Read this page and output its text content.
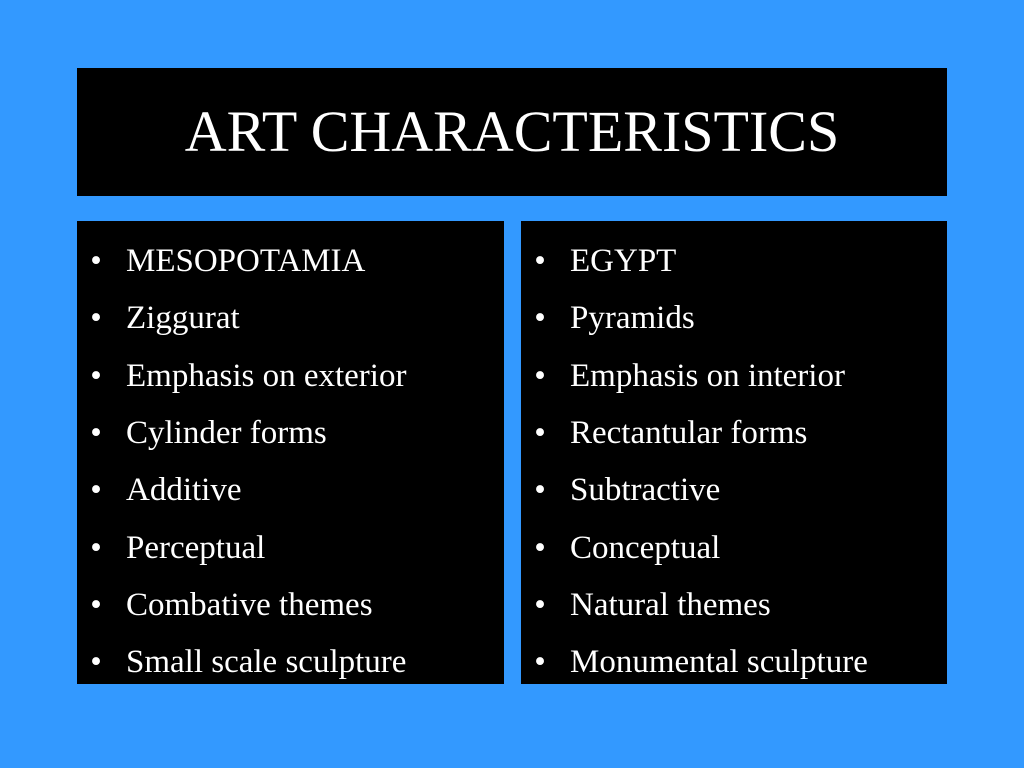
ART CHARACTERISTICS
• MESOPOTAMIA
• Ziggurat
• Emphasis on exterior
• Cylinder forms
• Additive
• Perceptual
• Combative themes
• Small scale sculpture
• EGYPT
• Pyramids
• Emphasis on interior
• Rectantular forms
• Subtractive
• Conceptual
• Natural themes
• Monumental sculpture
